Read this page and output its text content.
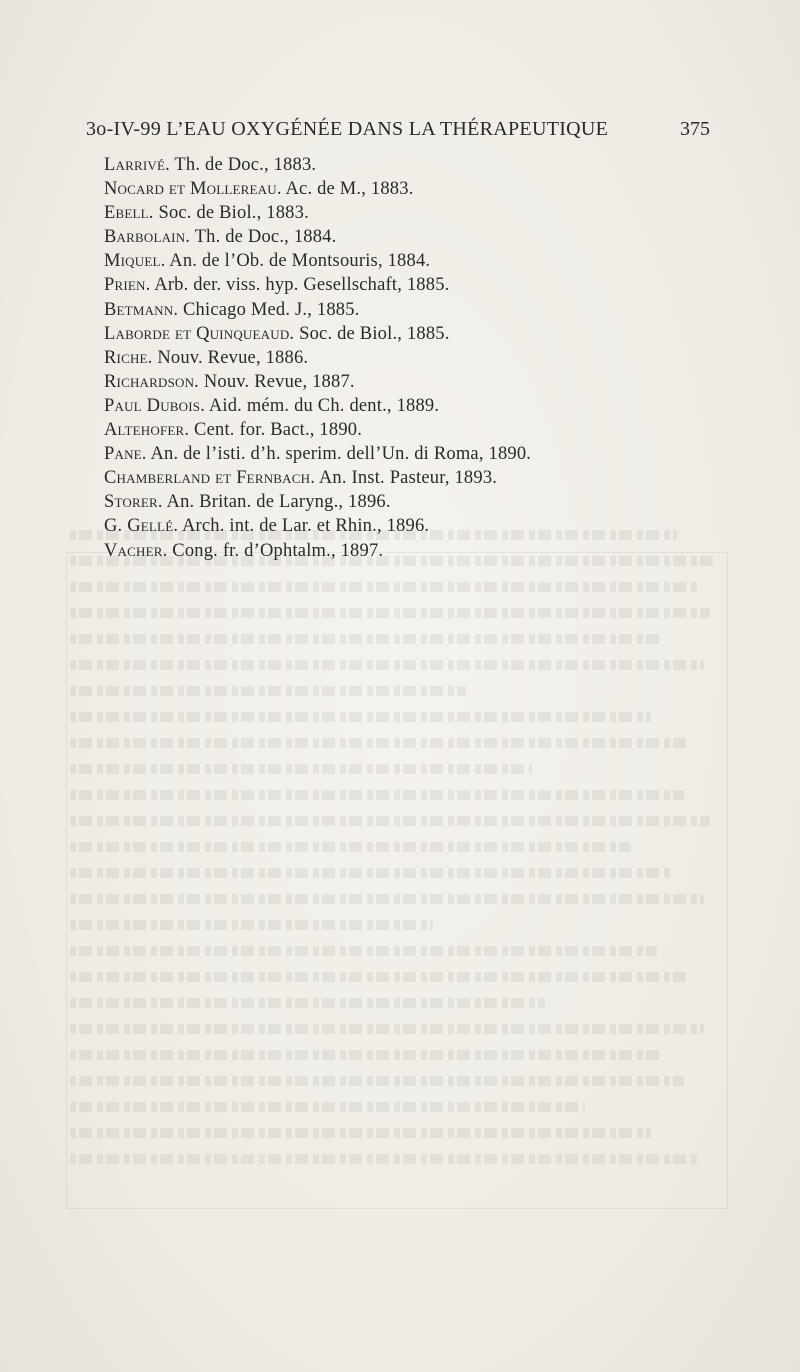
3o-IV-99 L’EAU OXYGÉNÉE DANS LA THÉRAPEUTIQUE	375
Larrivé. Th. de Doc., 1883.
Nocard et Mollereau. Ac. de M., 1883.
Ebell. Soc. de Biol., 1883.
Barbolain. Th. de Doc., 1884.
Miquel. An. de l’Ob. de Montsouris, 1884.
Prien. Arb. der. viss. hyp. Gesellschaft, 1885.
Betmann. Chicago Med. J., 1885.
Laborde et Quinqueaud. Soc. de Biol., 1885.
Riche. Nouv. Revue, 1886.
Richardson. Nouv. Revue, 1887.
Paul Dubois. Aid. mém. du Ch. dent., 1889.
Altehofer. Cent. for. Bact., 1890.
Pane. An. de l’isti. d’h. sperim. dell’Un. di Roma, 1890.
Chamberland et Fernbach. An. Inst. Pasteur, 1893.
Storer. An. Britan. de Laryng., 1896.
G. Gellé. Arch. int. de Lar. et Rhin., 1896.
Vacher. Cong. fr. d’Ophtalm., 1897.
